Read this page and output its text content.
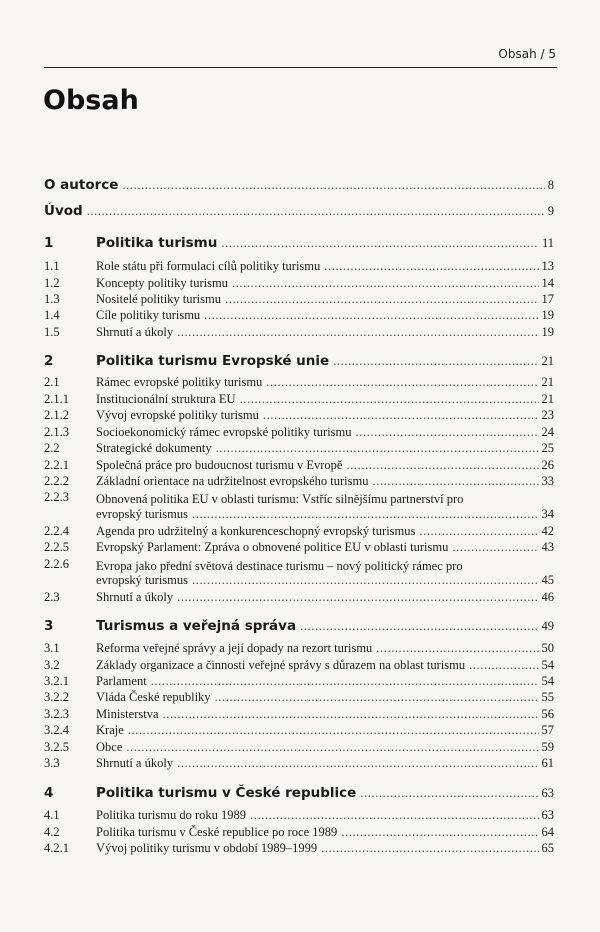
Obsah / 5
Obsah
O autorce .....	8
Úvod .....	9
1	Politika turismu .....	11
1.1	Role státu při formulaci cílů politiky turismu .....	13
1.2	Koncepty politiky turismu .....	14
1.3	Nositelé politiky turismu .....	17
1.4	Cíle politiky turismu .....	19
1.5	Shrnutí a úkoly .....	19
2	Politika turismu Evropské unie .....	21
2.1	Rámec evropské politiky turismu .....	21
2.1.1 Institucionální struktura EU .....	21
2.1.2 Vývoj evropské politiky turismu .....	23
2.1.3 Socioekonomický rámec evropské politiky turismu .....	24
2.2	Strategické dokumenty .....	25
2.2.1 Společná práce pro budoucnost turismu v Evropě .....	26
2.2.2 Základní orientace na udržitelnost evropského turismu .....	33
2.2.3 Obnovená politika EU v oblasti turismu: Vstříc silnějšímu partnerství pro
evropský turismus .....	34
2.2.4 Agenda pro udržitelný a konkurenceschopný evropský turismus .....	42
2.2.5 Evropský Parlament: Zpráva o obnovené politice EU v oblasti turismu .....	43
2.2.6 Evropa jako přední světová destinace turismu – nový politický rámec pro
evropský turismus .....	45
2.3	Shrnutí a úkoly .....	46
3	Turismus a veřejná správa .....	49
3.1	Reforma veřejné správy a její dopady na rezort turismu .....	50
3.2	Základy organizace a činnosti veřejné správy s důrazem na oblast turismu .....	54
3.2.1 Parlament .....	54
3.2.2 Vláda České republiky .....	55
3.2.3 Ministerstva .....	56
3.2.4 Kraje .....	57
3.2.5 Obce .....	59
3.3	Shrnutí a úkoly .....	61
4	Politika turismu v České republice .....	63
4.1	Politika turismu do roku 1989 .....	63
4.2	Politika turismu v České republice po roce 1989 .....	64
4.2.1 Vývoj politiky turismu v období 1989–1999 .....	65
